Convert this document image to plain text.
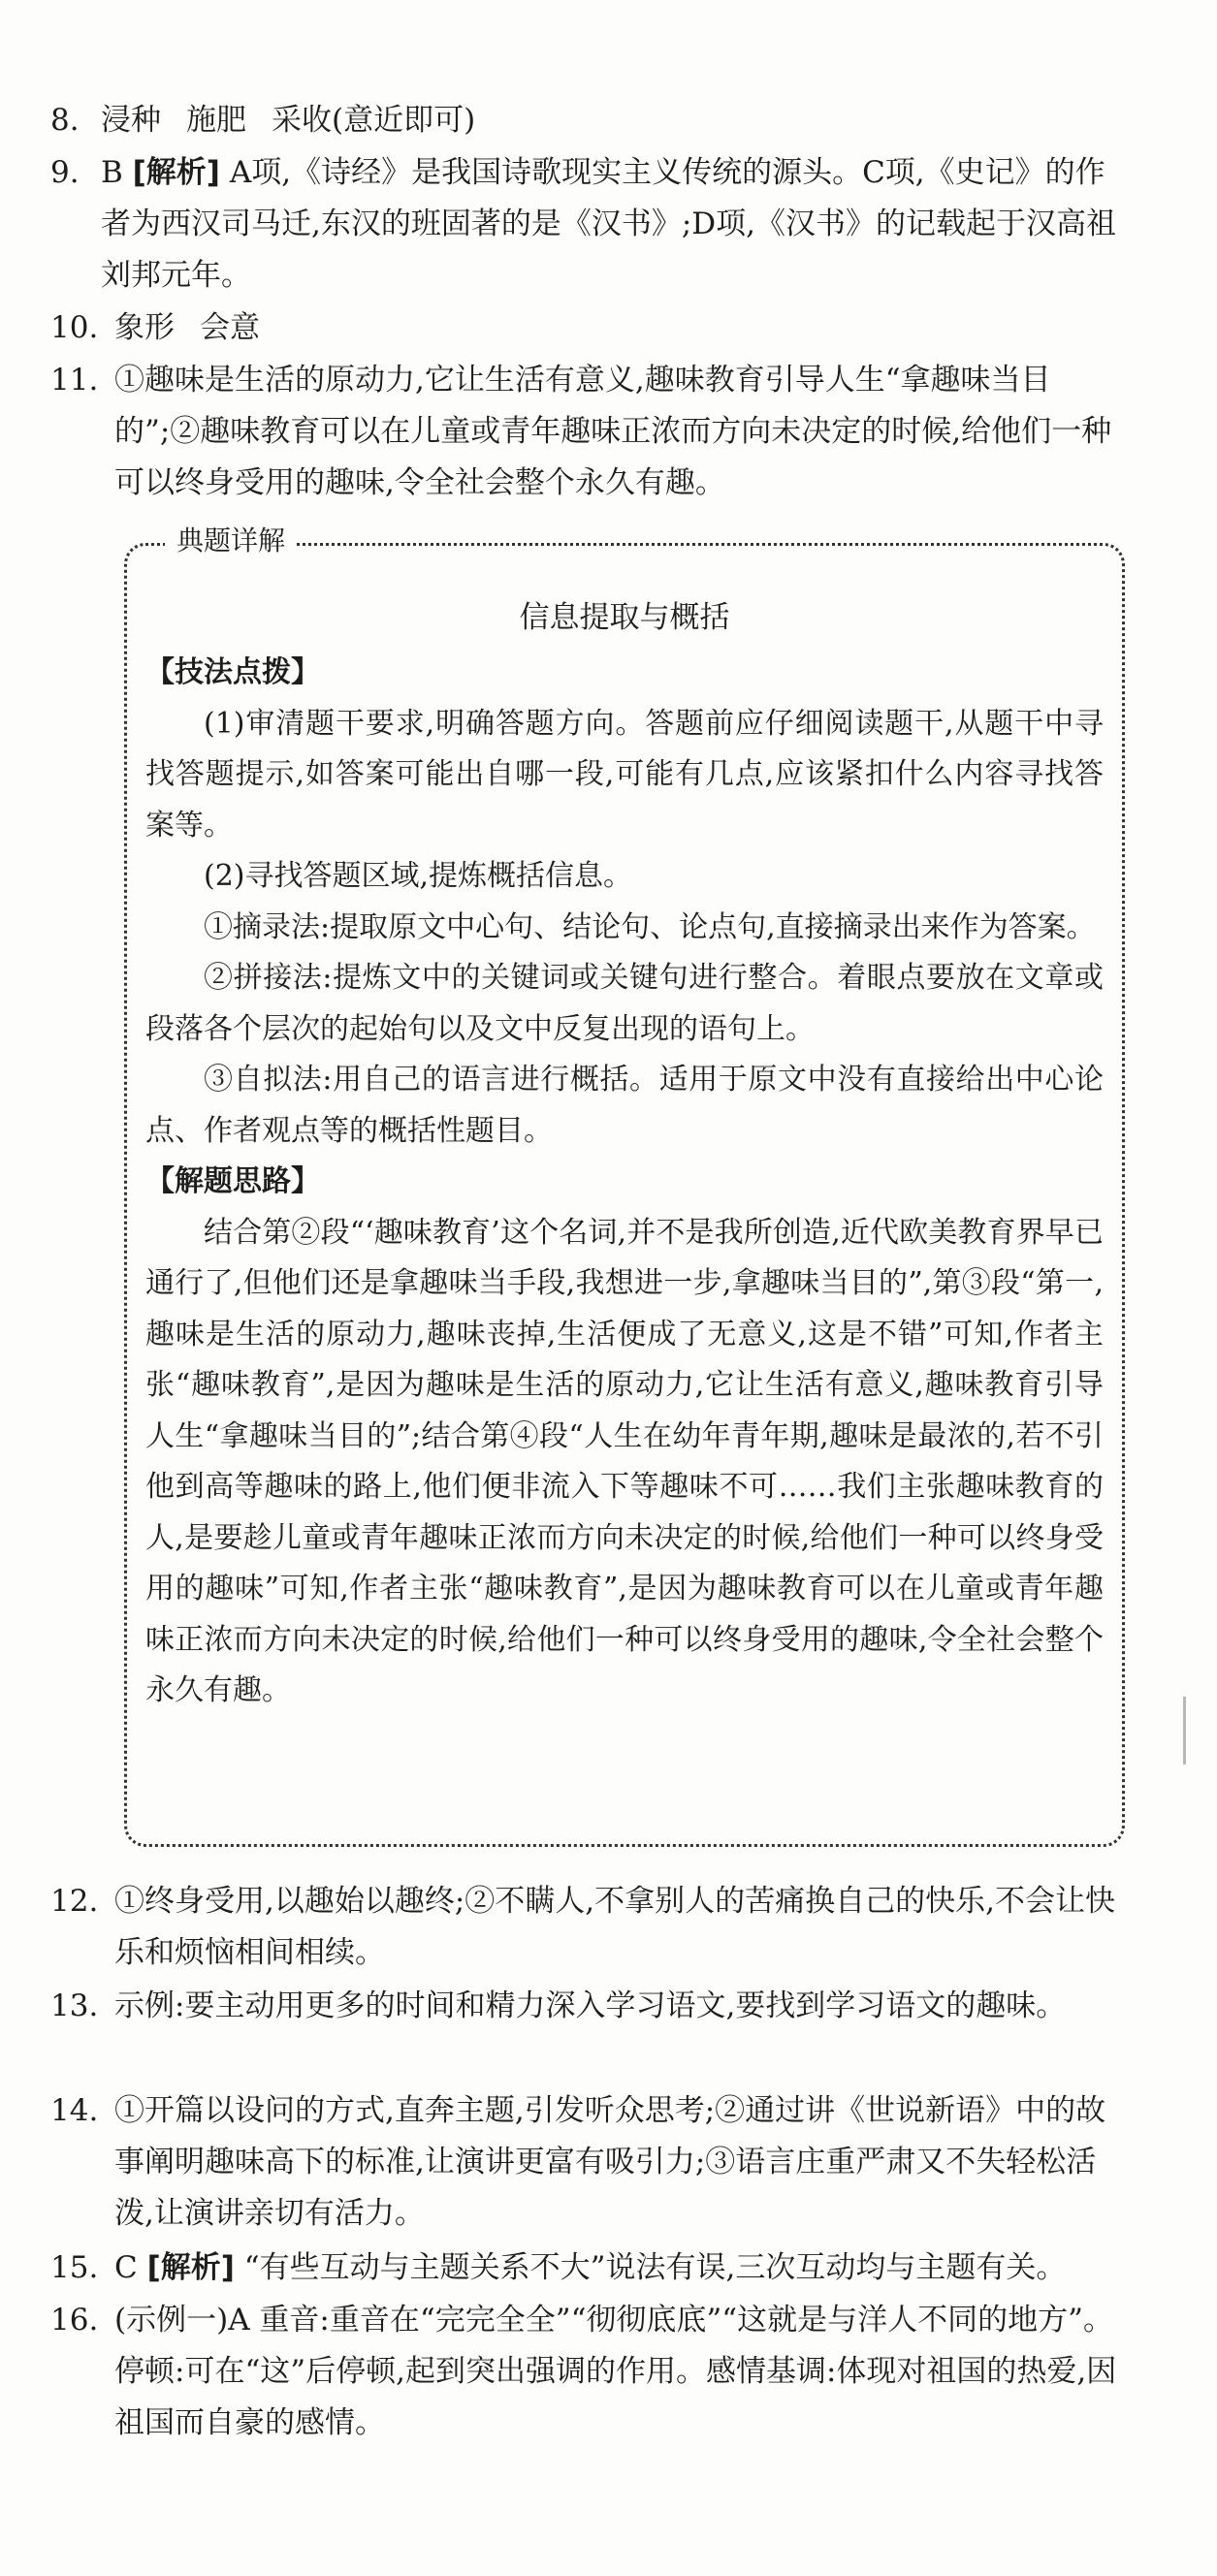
8. 浸种 施肥 采收(意近即可)
9. B [解析] A项,《诗经》是我国诗歌现实主义传统的源头。C项,《史记》的作者为西汉司马迁,东汉的班固著的是《汉书》;D项,《汉书》的记载起于汉高祖刘邦元年。
10. 象形 会意
11. ①趣味是生活的原动力,它让生活有意义,趣味教育引导人生“拿趣味当目的”;②趣味教育可以在儿童或青年趣味正浓而方向未决定的时候,给他们一种可以终身受用的趣味,令全社会整个永久有趣。
典题详解
信息提取与概括

【技法点拨】

(1)审清题干要求,明确答题方向。答题前应仔细阅读题干,从题干中寻找答题提示,如答案可能出自哪一段,可能有几点,应该紧扣什么内容寻找答案等。

(2)寻找答题区域,提炼概括信息。

①摘录法:提取原文中心句、结论句、论点句,直接摘录出来作为答案。

②拼接法:提炼文中的关键词或关键句进行整合。着眼点要放在文章或段落各个层次的起始句以及文中反复出现的语句上。

③自拟法:用自己的语言进行概括。适用于原文中没有直接给出中心论点、作者观点等的概括性题目。

【解题思路】

结合第②段“‘趣味教育’这个名词,并不是我所创造,近代欧美教育界早已通行了,但他们还是拿趣味当手段,我想进一步,拿趣味当目的”,第③段“第一,趣味是生活的原动力,趣味丧掉,生活便成了无意义,这是不错”可知,作者主张“趣味教育”,是因为趣味是生活的原动力,它让生活有意义,趣味教育引导人生“拿趣味当目的”;结合第④段“人生在幼年青年期,趣味是最浓的,若不引他到高等趣味的路上,他们便非流入下等趣味不可……我们主张趣味教育的人,是要趁儿童或青年趣味正浓而方向未决定的时候,给他们一种可以终身受用的趣味”可知,作者主张“趣味教育”,是因为趣味教育可以在儿童或青年趣味正浓而方向未决定的时候,给他们一种可以终身受用的趣味,令全社会整个永久有趣。

12. ①终身受用,以趣始以趣终;②不瞒人,不拿别人的苦痛换自己的快乐,不会让快乐和烦恼相间相续。
13. 示例:要主动用更多的时间和精力深入学习语文,要找到学习语文的趣味。
14. ①开篇以设问的方式,直奔主题,引发听众思考;②通过讲《世说新语》中的故事阐明趣味高下的标准,让演讲更富有吸引力;③语言庄重严肃又不失轻松活泼,让演讲亲切有活力。
15. C [解析] “有些互动与主题关系不大”说法有误,三次互动均与主题有关。
16. (示例一)A 重音:重音在“完完全全”“彻彻底底”“这就是与洋人不同的地方”。停顿:可在“这”后停顿,起到突出强调的作用。感情基调:体现对祖国的热爱,因祖国而自豪的感情。
